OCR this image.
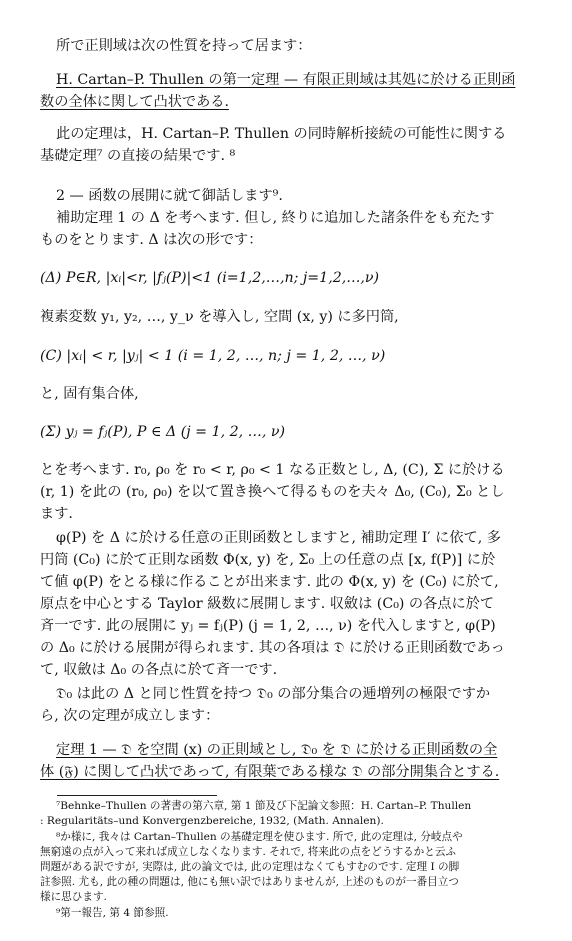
所で正則域は次の性質を持って居ます：
H. Cartan–P. Thullen の第一定理 — 有限正則域は其処に於ける正則函
数の全体に関して凸状である.
此の定理は，H. Cartan–P. Thullen の同時解析接続の可能性に関する
基礎定理⁷ の直接の結果です. ⁸
2 — 函数の展開に就て御話します⁹.
補助定理 1 の Δ を考へます. 但し, 終りに追加した諸条件をも充たす
ものをとります. Δ は次の形です：
(Δ) P∈R, |xᵢ|<r, |fⱼ(P)|<1 (i=1,2,…,n; j=1,2,…,ν)
複素変数 y₁, y₂, …, y_ν を導入し, 空間 (x, y) に多円筒,
(C) |xᵢ| < r, |yⱼ| < 1 (i = 1, 2, …, n; j = 1, 2, …, ν)
と, 固有集合体,
(Σ) yⱼ = fⱼ(P), P ∈ Δ (j = 1, 2, …, ν)
とを考へます. r₀, ρ₀ を r₀ < r, ρ₀ < 1 なる正数とし, Δ, (C), Σ に於ける
(r, 1) を此の (r₀, ρ₀) を以て置き換へて得るものを夫々 Δ₀, (C₀), Σ₀ とし
ます.
φ(P) を Δ に於ける任意の正則函数としますと, 補助定理 I′ に依て, 多
円筒 (C₀) に於て正則な函数 Φ(x, y) を, Σ₀ 上の任意の点 [x, f(P)] に於
て値 φ(P) をとる様に作ることが出来ます. 此の Φ(x, y) を (C₀) に於て,
原点を中心とする Taylor 級数に展開します. 収斂は (C₀) の各点に於て
斉一です. 此の展開に yⱼ = fⱼ(P) (j = 1, 2, …, ν) を代入しますと, φ(P)
の Δ₀ に於ける展開が得られます. 其の各項は 𝔇 に於ける正則函数であっ
て, 収斂は Δ₀ の各点に於て斉一です.
𝔇₀ は此の Δ と同じ性質を持つ 𝔇₀ の部分集合の逓増列の極限ですか
ら, 次の定理が成立します：
定理 1 — 𝔇 を空間 (x) の正則域とし, 𝔇₀ を 𝔇 に於ける正則函数の全
体 (𝔉) に関して凸状であって, 有限葉である様な 𝔇 の部分開集合とする.
⁷Behnke–Thullen の著書の第六章, 第 1 節及び下記論文参照：H. Cartan–P. Thullen
: Regularitäts–und Konvergenzbereiche, 1932, (Math. Annalen).
⁸か様に, 我々は Cartan–Thullen の基礎定理を使ひます. 所で, 此の定理は, 分岐点や
無窮遠の点が入って来れば成立しなくなります. それで, 将来此の点をどうするかと云ふ
問題がある訳ですが, 実際は, 此の論文では, 此の定理はなくてもすむのです. 定理 I の脚
註参照. 尤も, 此の種の問題は, 他にも無い訳ではありませんが, 上述のものが一番目立つ
様に思ひます.
⁹第一報告, 第 4 節参照.
